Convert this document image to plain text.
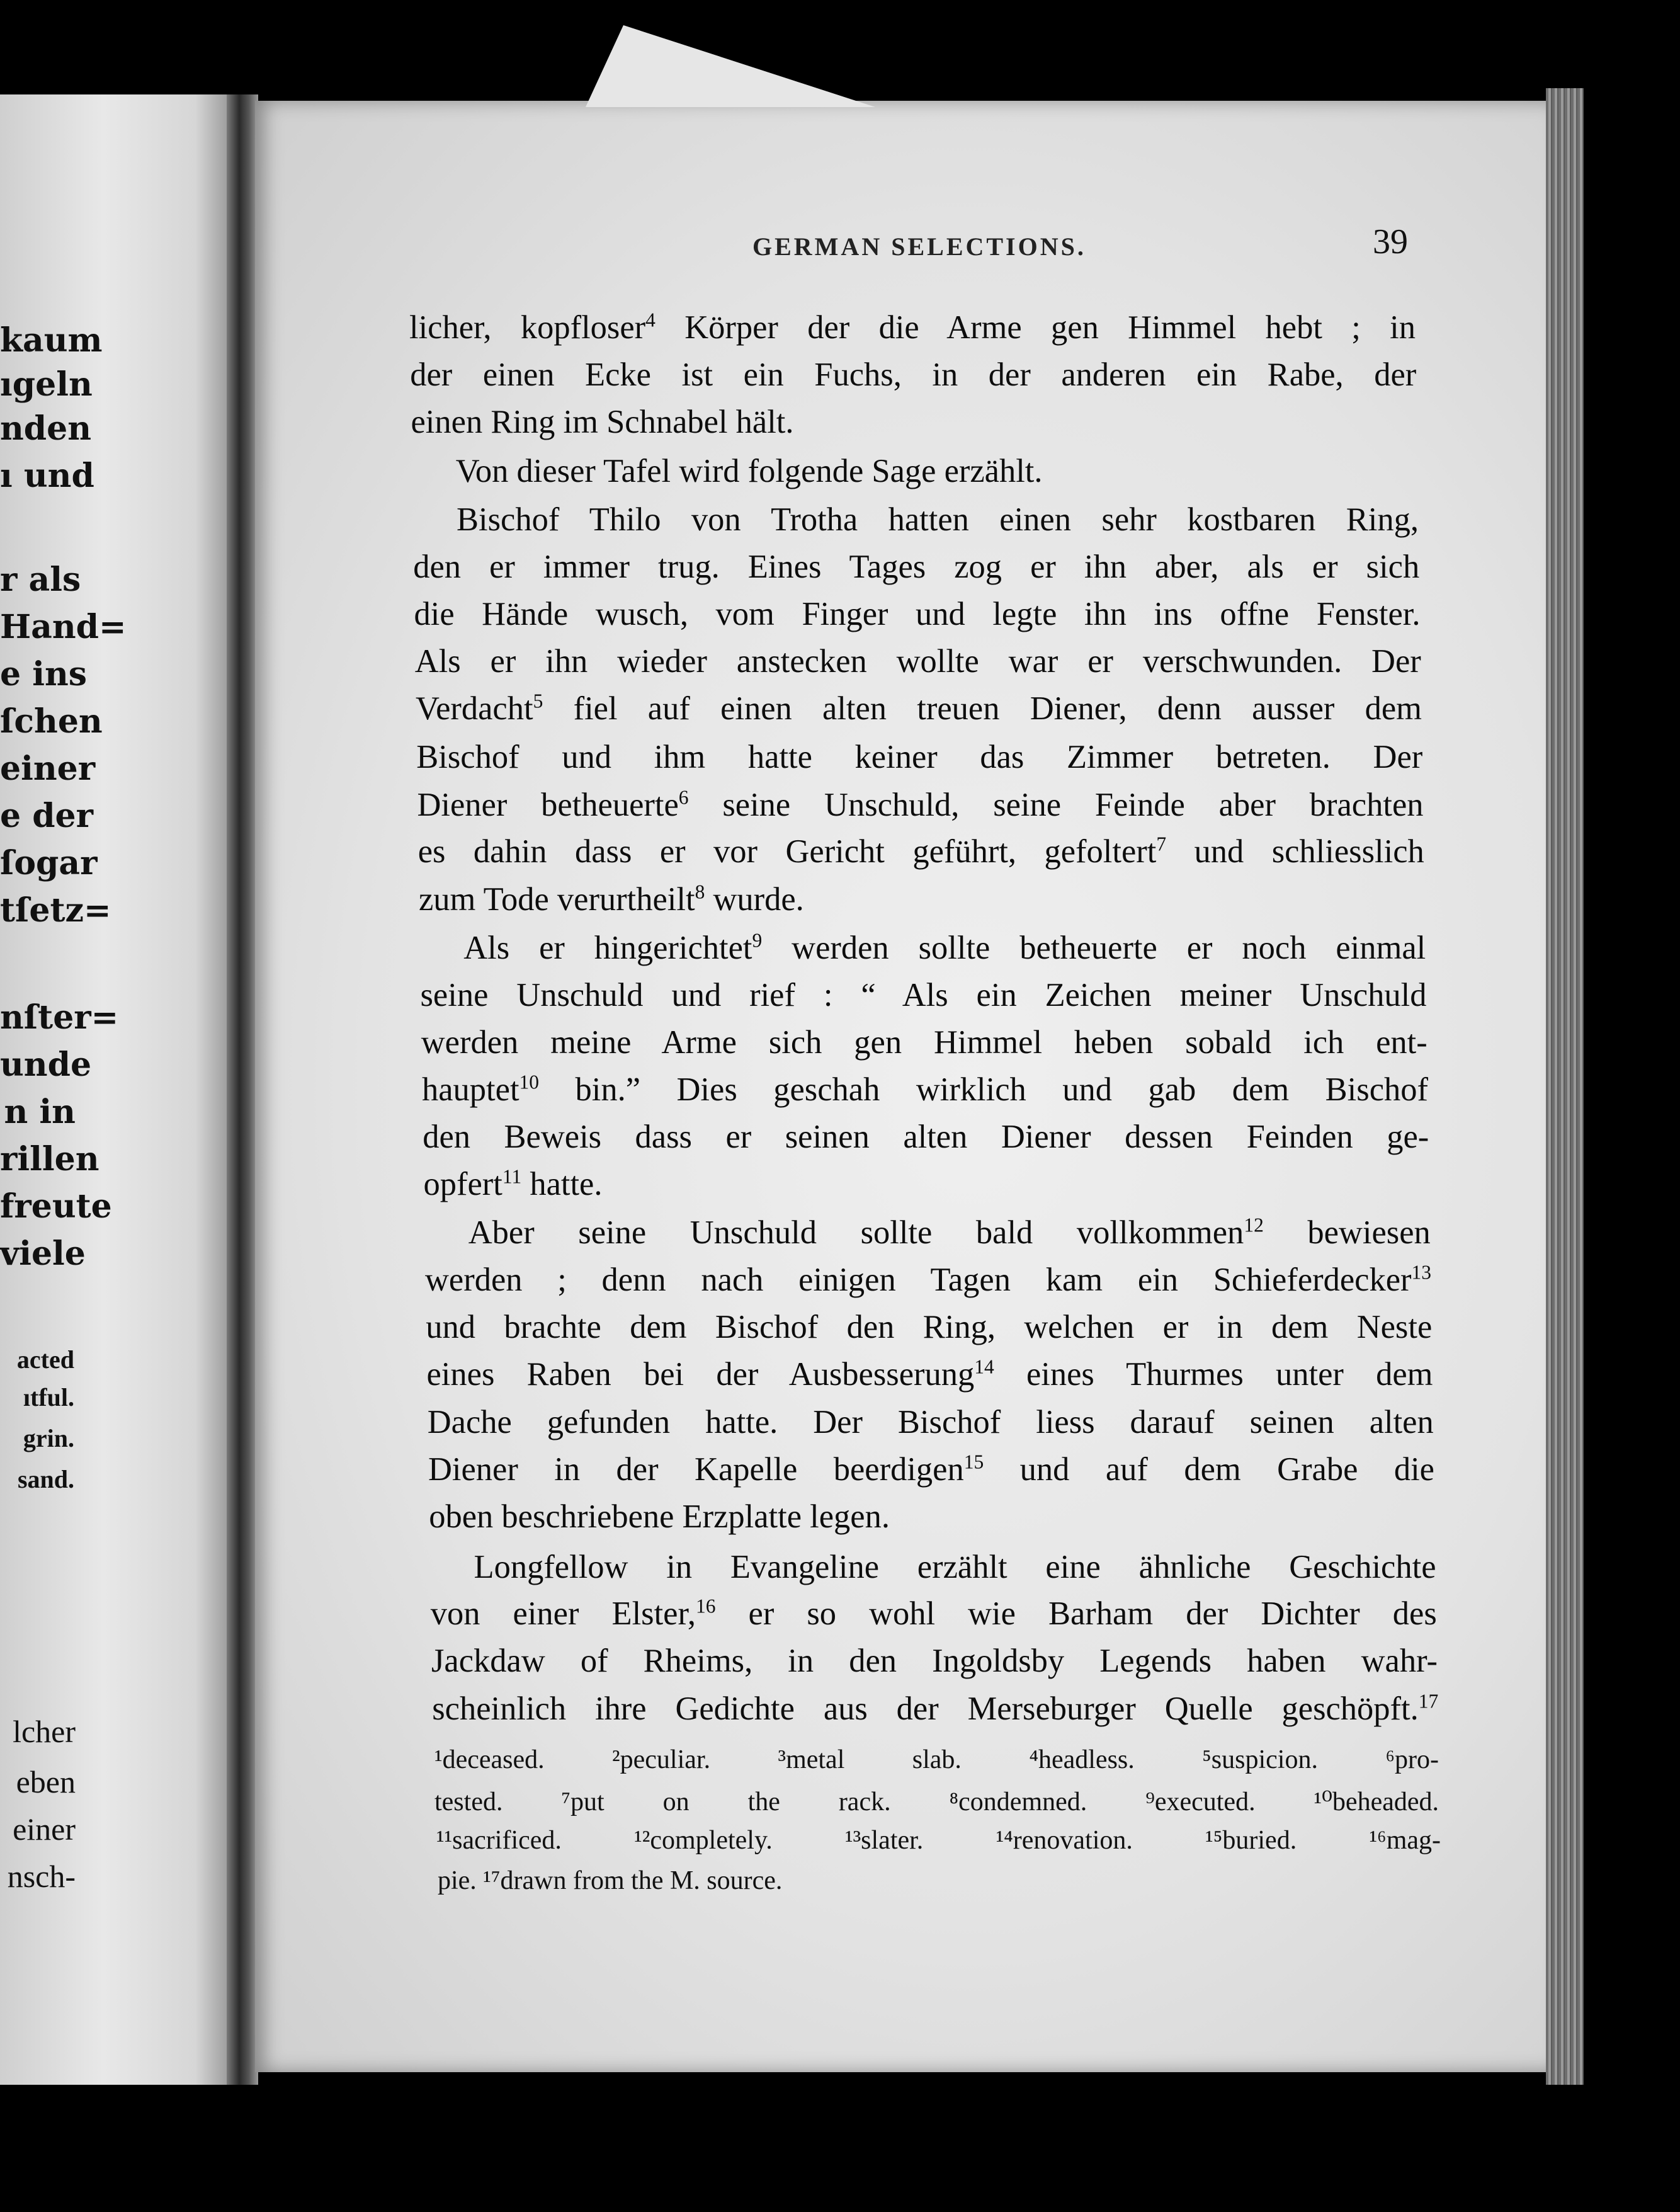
kaum
ıgeln
nden
ı und
r als
Hand=
e ins
ſchen
einer
e der
ſogar
tſetz=
nſter=
unde
n in
rillen
freute
viele
acted
ıtful.
grin.
sand.
lcher
eben
einer
nsch-
GERMAN SELECTIONS.	39
licher, kopfloser$^4$ Körper der die Arme gen Himmel hebt ; in
der einen Ecke ist ein Fuchs, in der anderen ein Rabe, der
einen Ring im Schnabel hält.
Von dieser Tafel wird folgende Sage erzählt.
Bischof Thilo von Trotha hatten einen sehr kostbaren Ring,
den er immer trug. Eines Tages zog er ihn aber, als er sich
die Hände wusch, vom Finger und legte ihn ins offne Fenster.
Als er ihn wieder anstecken wollte war er verschwunden. Der
Verdacht$^5$ fiel auf einen alten treuen Diener, denn ausser dem
Bischof und ihm hatte keiner das Zimmer betreten. Der
Diener betheuerte$^6$ seine Unschuld, seine Feinde aber brachten
es dahin dass er vor Gericht geführt, gefoltert$^7$ und schliesslich
zum Tode verurtheilt$^8$ wurde.
Als er hingerichtet$^9$ werden sollte betheuerte er noch einmal
seine Unschuld und rief : “ Als ein Zeichen meiner Unschuld
werden meine Arme sich gen Himmel heben sobald ich ent-
hauptet$^{10}$ bin.” Dies geschah wirklich und gab dem Bischof
den Beweis dass er seinen alten Diener dessen Feinden ge-
opfert$^{11}$ hatte.
Aber seine Unschuld sollte bald vollkommen$^{12}$ bewiesen
werden ; denn nach einigen Tagen kam ein Schieferdecker$^{13}$
und brachte dem Bischof den Ring, welchen er in dem Neste
eines Raben bei der Ausbesserung$^{14}$ eines Thurmes unter dem
Dache gefunden hatte. Der Bischof liess darauf seinen alten
Diener in der Kapelle beerdigen$^{15}$ und auf dem Grabe die
oben beschriebene Erzplatte legen.
Longfellow in Evangeline erzählt eine ähnliche Geschichte
von einer Elster,$^{16}$ er so wohl wie Barham der Dichter des
Jackdaw of Rheims, in den Ingoldsby Legends haben wahr-
scheinlich ihre Gedichte aus der Merseburger Quelle geschöpft.$^{17}$
¹deceased. ²peculiar. ³metal slab. ⁴headless. ⁵suspicion. ⁶pro-
tested. ⁷put on the rack. ⁸condemned. ⁹executed. ¹⁰beheaded.
¹¹sacrificed. ¹²completely. ¹³slater. ¹⁴renovation. ¹⁵buried. ¹⁶mag-
pie. ¹⁷drawn from the M. source.
